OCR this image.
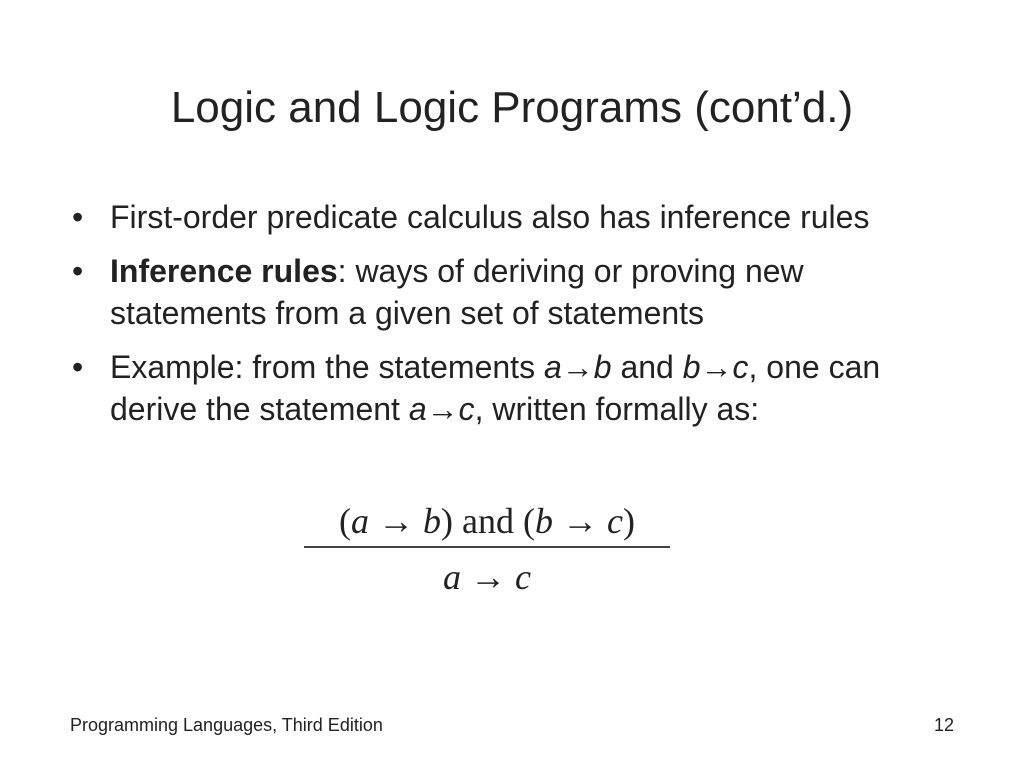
Logic and Logic Programs (cont’d.)
• First-order predicate calculus also has inference rules
• Inference rules: ways of deriving or proving new statements from a given set of statements
• Example: from the statements a→b and b→c, one can derive the statement a→c, written formally as:
(a → b) and (b → c)
a → c
Programming Languages, Third Edition	12
